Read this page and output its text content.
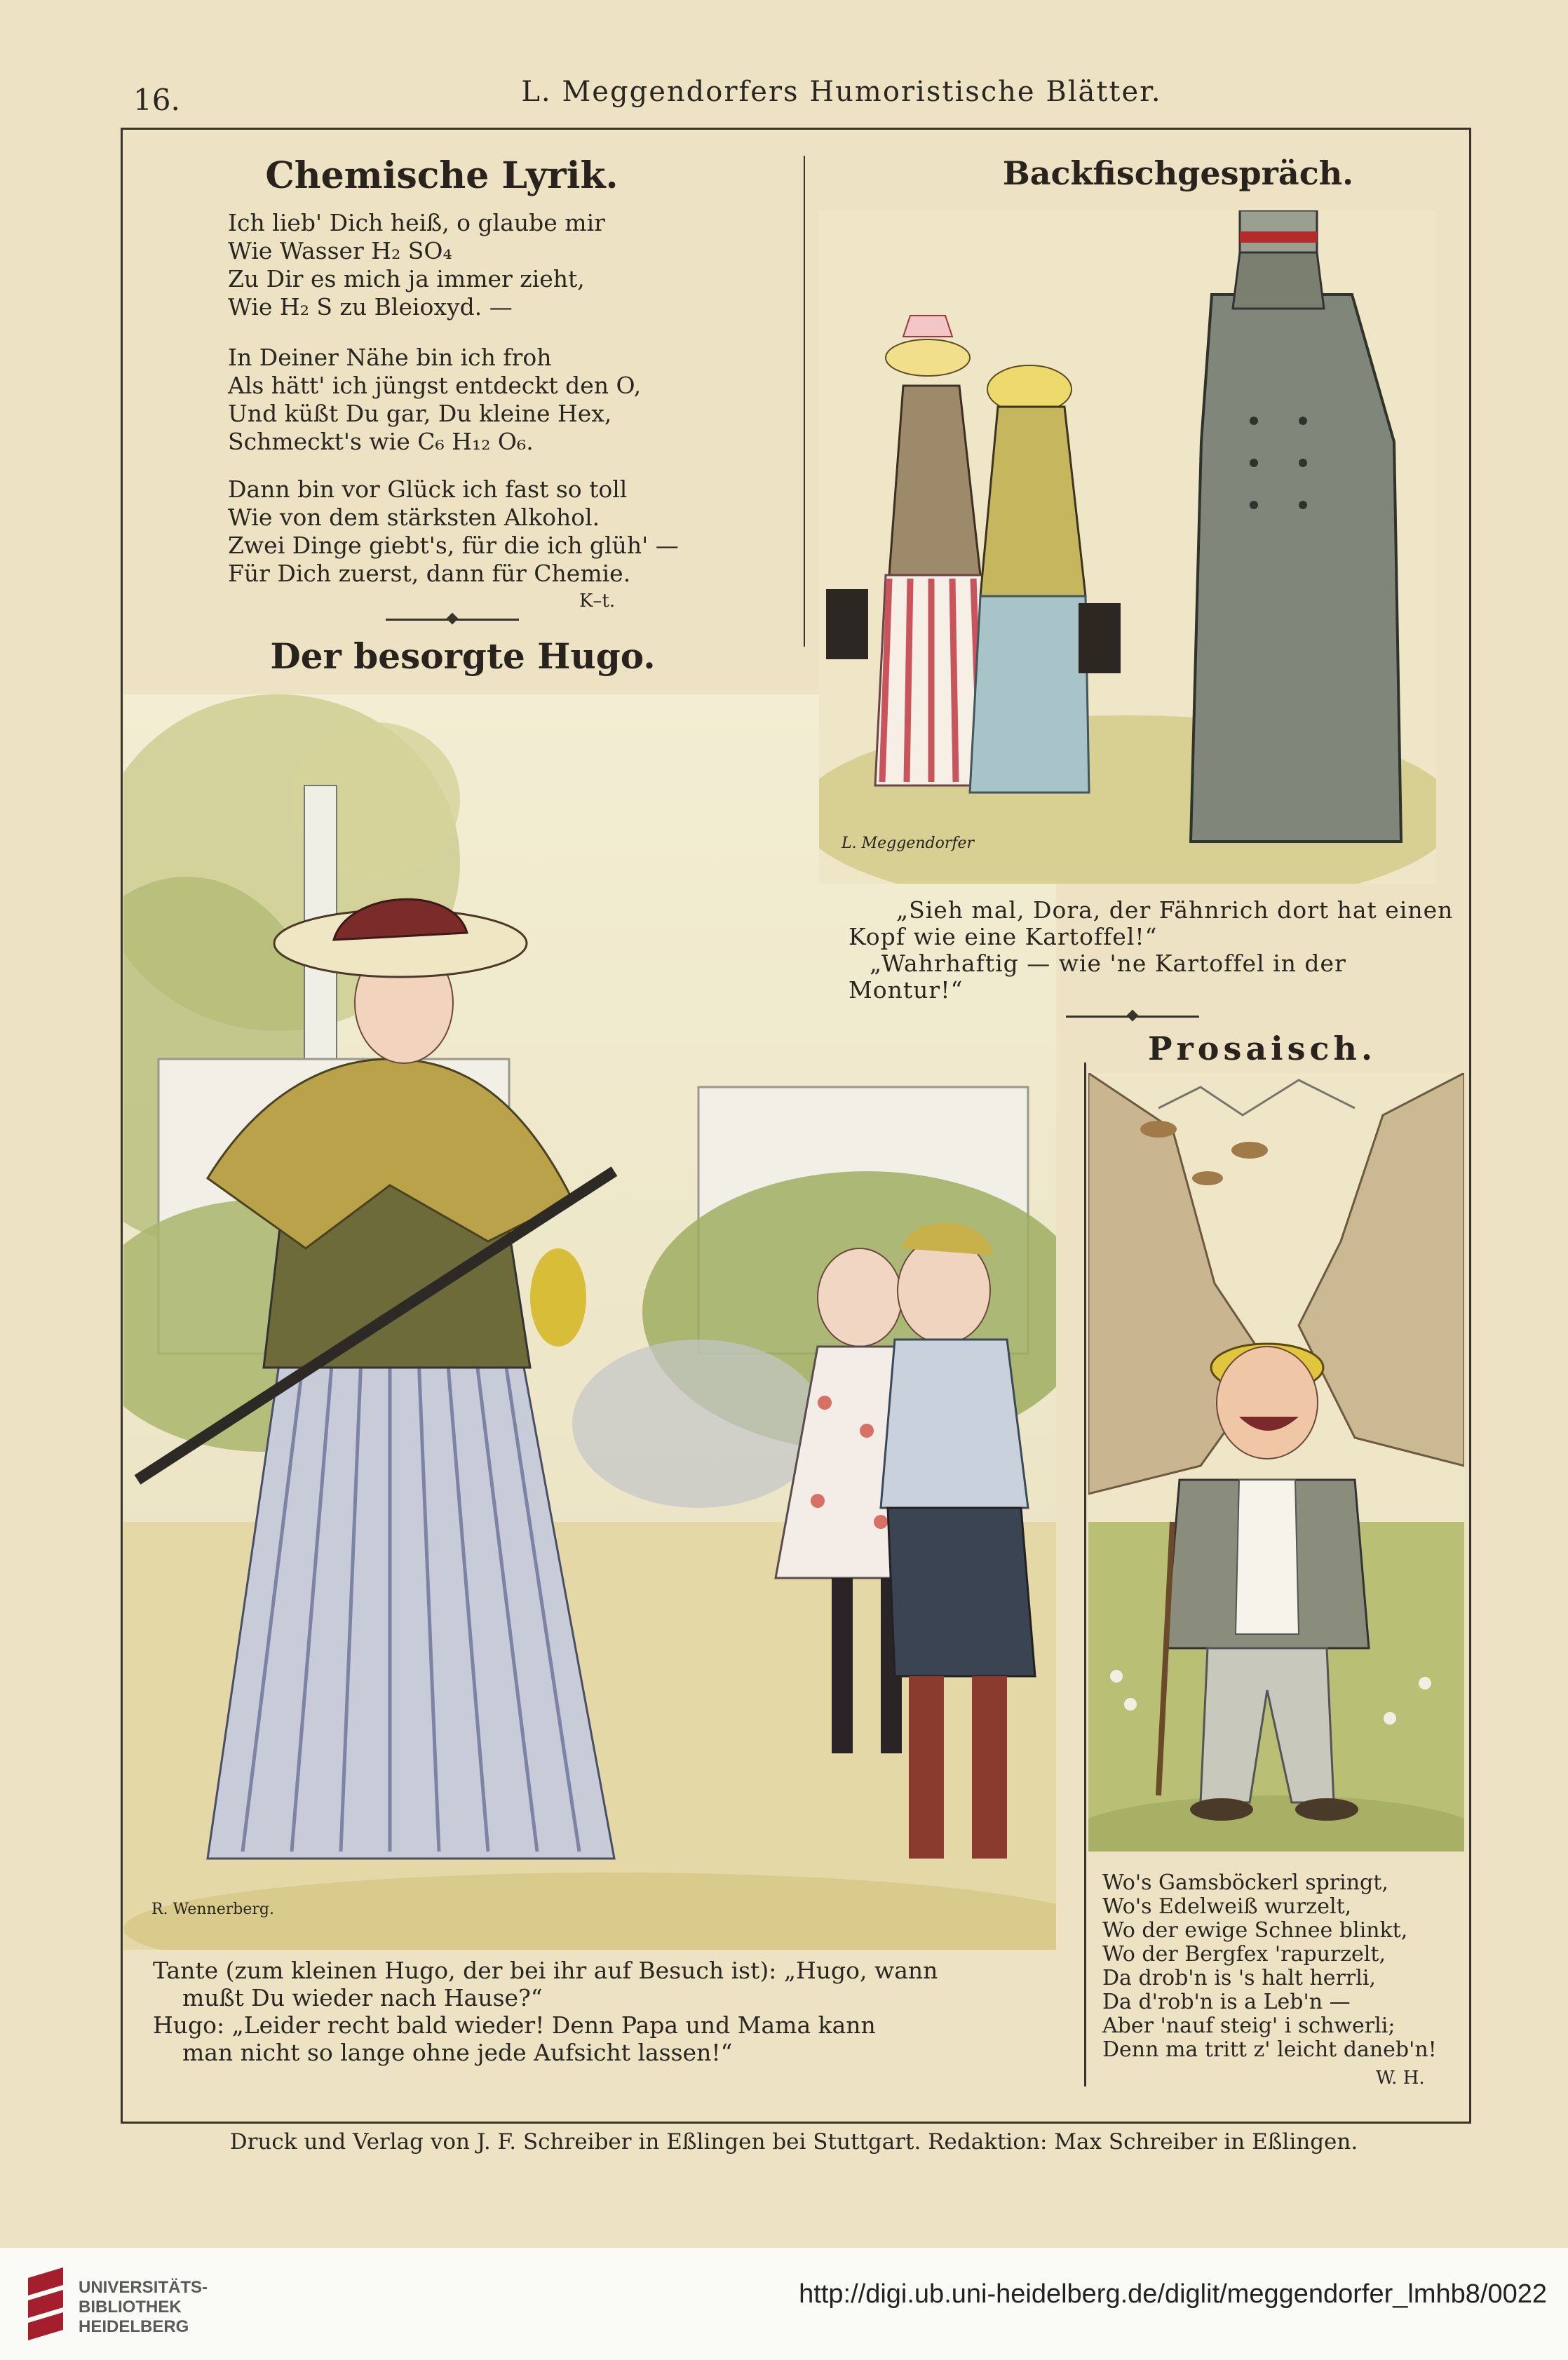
16.	L. Meggendorfers Humoristische Blätter.
Chemische Lyrik.
Ich lieb' Dich heiß, o glaube mir
Wie Wasser H₂ SO₄
Zu Dir es mich ja immer zieht,
Wie H₂ S zu Bleioxyd. —
In Deiner Nähe bin ich froh
Als hätt' ich jüngst entdeckt den O,
Und küßt Du gar, Du kleine Hex,
Schmeckt's wie C₆ H₁₂ O₆.
Dann bin vor Glück ich fast so toll
Wie von dem stärksten Alkohol.
Zwei Dinge giebt's, für die ich glüh' —
Für Dich zuerst, dann für Chemie.
K–t.
Der besorgte Hugo.
R. Wennerberg.
Tante (zum kleinen Hugo, der bei ihr auf Besuch ist): „Hugo, wann
mußt Du wieder nach Hause?“
Hugo: „Leider recht bald wieder! Denn Papa und Mama kann
man nicht so lange ohne jede Aufsicht lassen!“
Backfischgespräch.
L. Meggendorfer
„Sieh mal, Dora, der Fähnrich dort hat einen
Kopf wie eine Kartoffel!“
„Wahrhaftig — wie 'ne Kartoffel in der
Montur!“
Prosaisch.
Wo's Gamsböckerl springt,
Wo's Edelweiß wurzelt,
Wo der ewige Schnee blinkt,
Wo der Bergfex 'rapurzelt,
Da drob'n is 's halt herrli,
Da d'rob'n is a Leb'n —
Aber 'nauf steig' i schwerli;
Denn ma tritt z' leicht daneb'n!
W. H.
Druck und Verlag von J. F. Schreiber in Eßlingen bei Stuttgart. Redaktion: Max Schreiber in Eßlingen.
UNIVERSITÄTS-
BIBLIOTHEK
HEIDELBERG
http://digi.ub.uni-heidelberg.de/diglit/meggendorfer_lmhb8/0022
